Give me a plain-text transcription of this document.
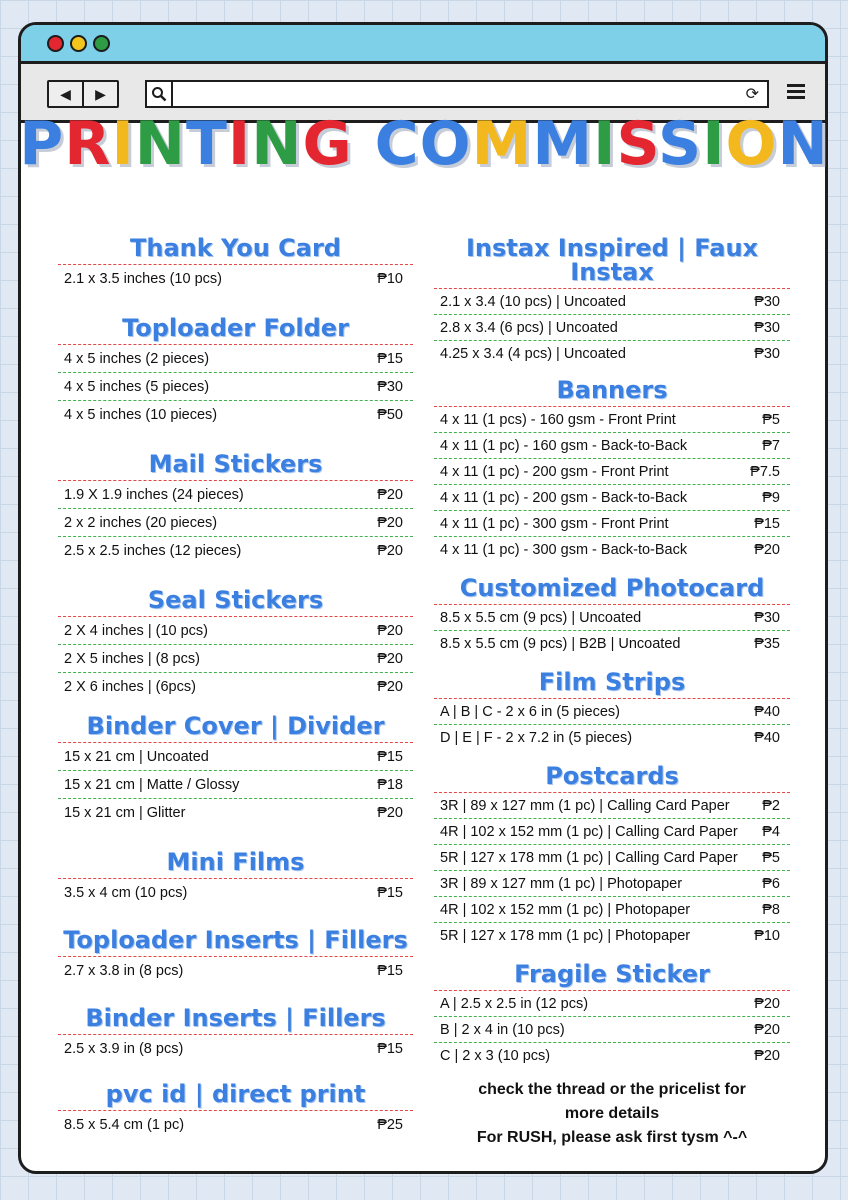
◀	▶	⟳
PRINTING COMMISSION
Thank You Card
2.1 x 3.5 inches (10 pcs)	₱10
Toploader Folder
4 x 5 inches (2 pieces)	₱15
4 x 5 inches (5 pieces)	₱30
4 x 5 inches (10 pieces)	₱50
Mail Stickers
1.9 X 1.9 inches (24 pieces)	₱20
2 x 2 inches (20 pieces)	₱20
2.5 x 2.5 inches (12 pieces)	₱20
Seal Stickers
2 X 4 inches | (10 pcs)	₱20
2 X 5 inches | (8 pcs)	₱20
2 X 6 inches | (6pcs)	₱20
Binder Cover | Divider
15 x 21 cm | Uncoated	₱15
15 x 21 cm | Matte / Glossy	₱18
15 x 21 cm | Glitter	₱20
Mini Films
3.5 x 4 cm (10 pcs)	₱15
Toploader Inserts | Fillers
2.7 x 3.8 in (8 pcs)	₱15
Binder Inserts | Fillers
2.5 x 3.9 in (8 pcs)	₱15
pvc id | direct print
8.5 x 5.4 cm (1 pc)	₱25
Instax Inspired | Faux Instax
2.1 x 3.4 (10 pcs) | Uncoated	₱30
2.8 x 3.4 (6 pcs) | Uncoated	₱30
4.25 x 3.4 (4 pcs) | Uncoated	₱30
Banners
4 x 11 (1 pcs) - 160 gsm - Front Print	₱5
4 x 11 (1 pc) - 160 gsm - Back-to-Back	₱7
4 x 11 (1 pc) - 200 gsm - Front Print	₱7.5
4 x 11 (1 pc) - 200 gsm - Back-to-Back	₱9
4 x 11 (1 pc) - 300 gsm - Front Print	₱15
4 x 11 (1 pc) - 300 gsm - Back-to-Back	₱20
Customized Photocard
8.5 x 5.5 cm (9 pcs) | Uncoated	₱30
8.5 x 5.5 cm (9 pcs) | B2B | Uncoated	₱35
Film Strips
A | B | C - 2 x 6 in (5 pieces)	₱40
D | E | F - 2 x 7.2 in (5 pieces)	₱40
Postcards
3R | 89 x 127 mm (1 pc) | Calling Card Paper ₱2
4R | 102 x 152 mm (1 pc) | Calling Card Paper ₱4
5R | 127 x 178 mm (1 pc) | Calling Card Paper ₱5
3R | 89 x 127 mm (1 pc) | Photopaper	₱6
4R | 102 x 152 mm (1 pc) | Photopaper	₱8
5R | 127 x 178 mm (1 pc) | Photopaper	₱10
Fragile Sticker
A | 2.5 x 2.5 in (12 pcs)	₱20
B | 2 x 4 in (10 pcs)	₱20
C | 2 x 3 (10 pcs)	₱20
check the thread or the pricelist for
more details
For RUSH, please ask first tysm ^-^
